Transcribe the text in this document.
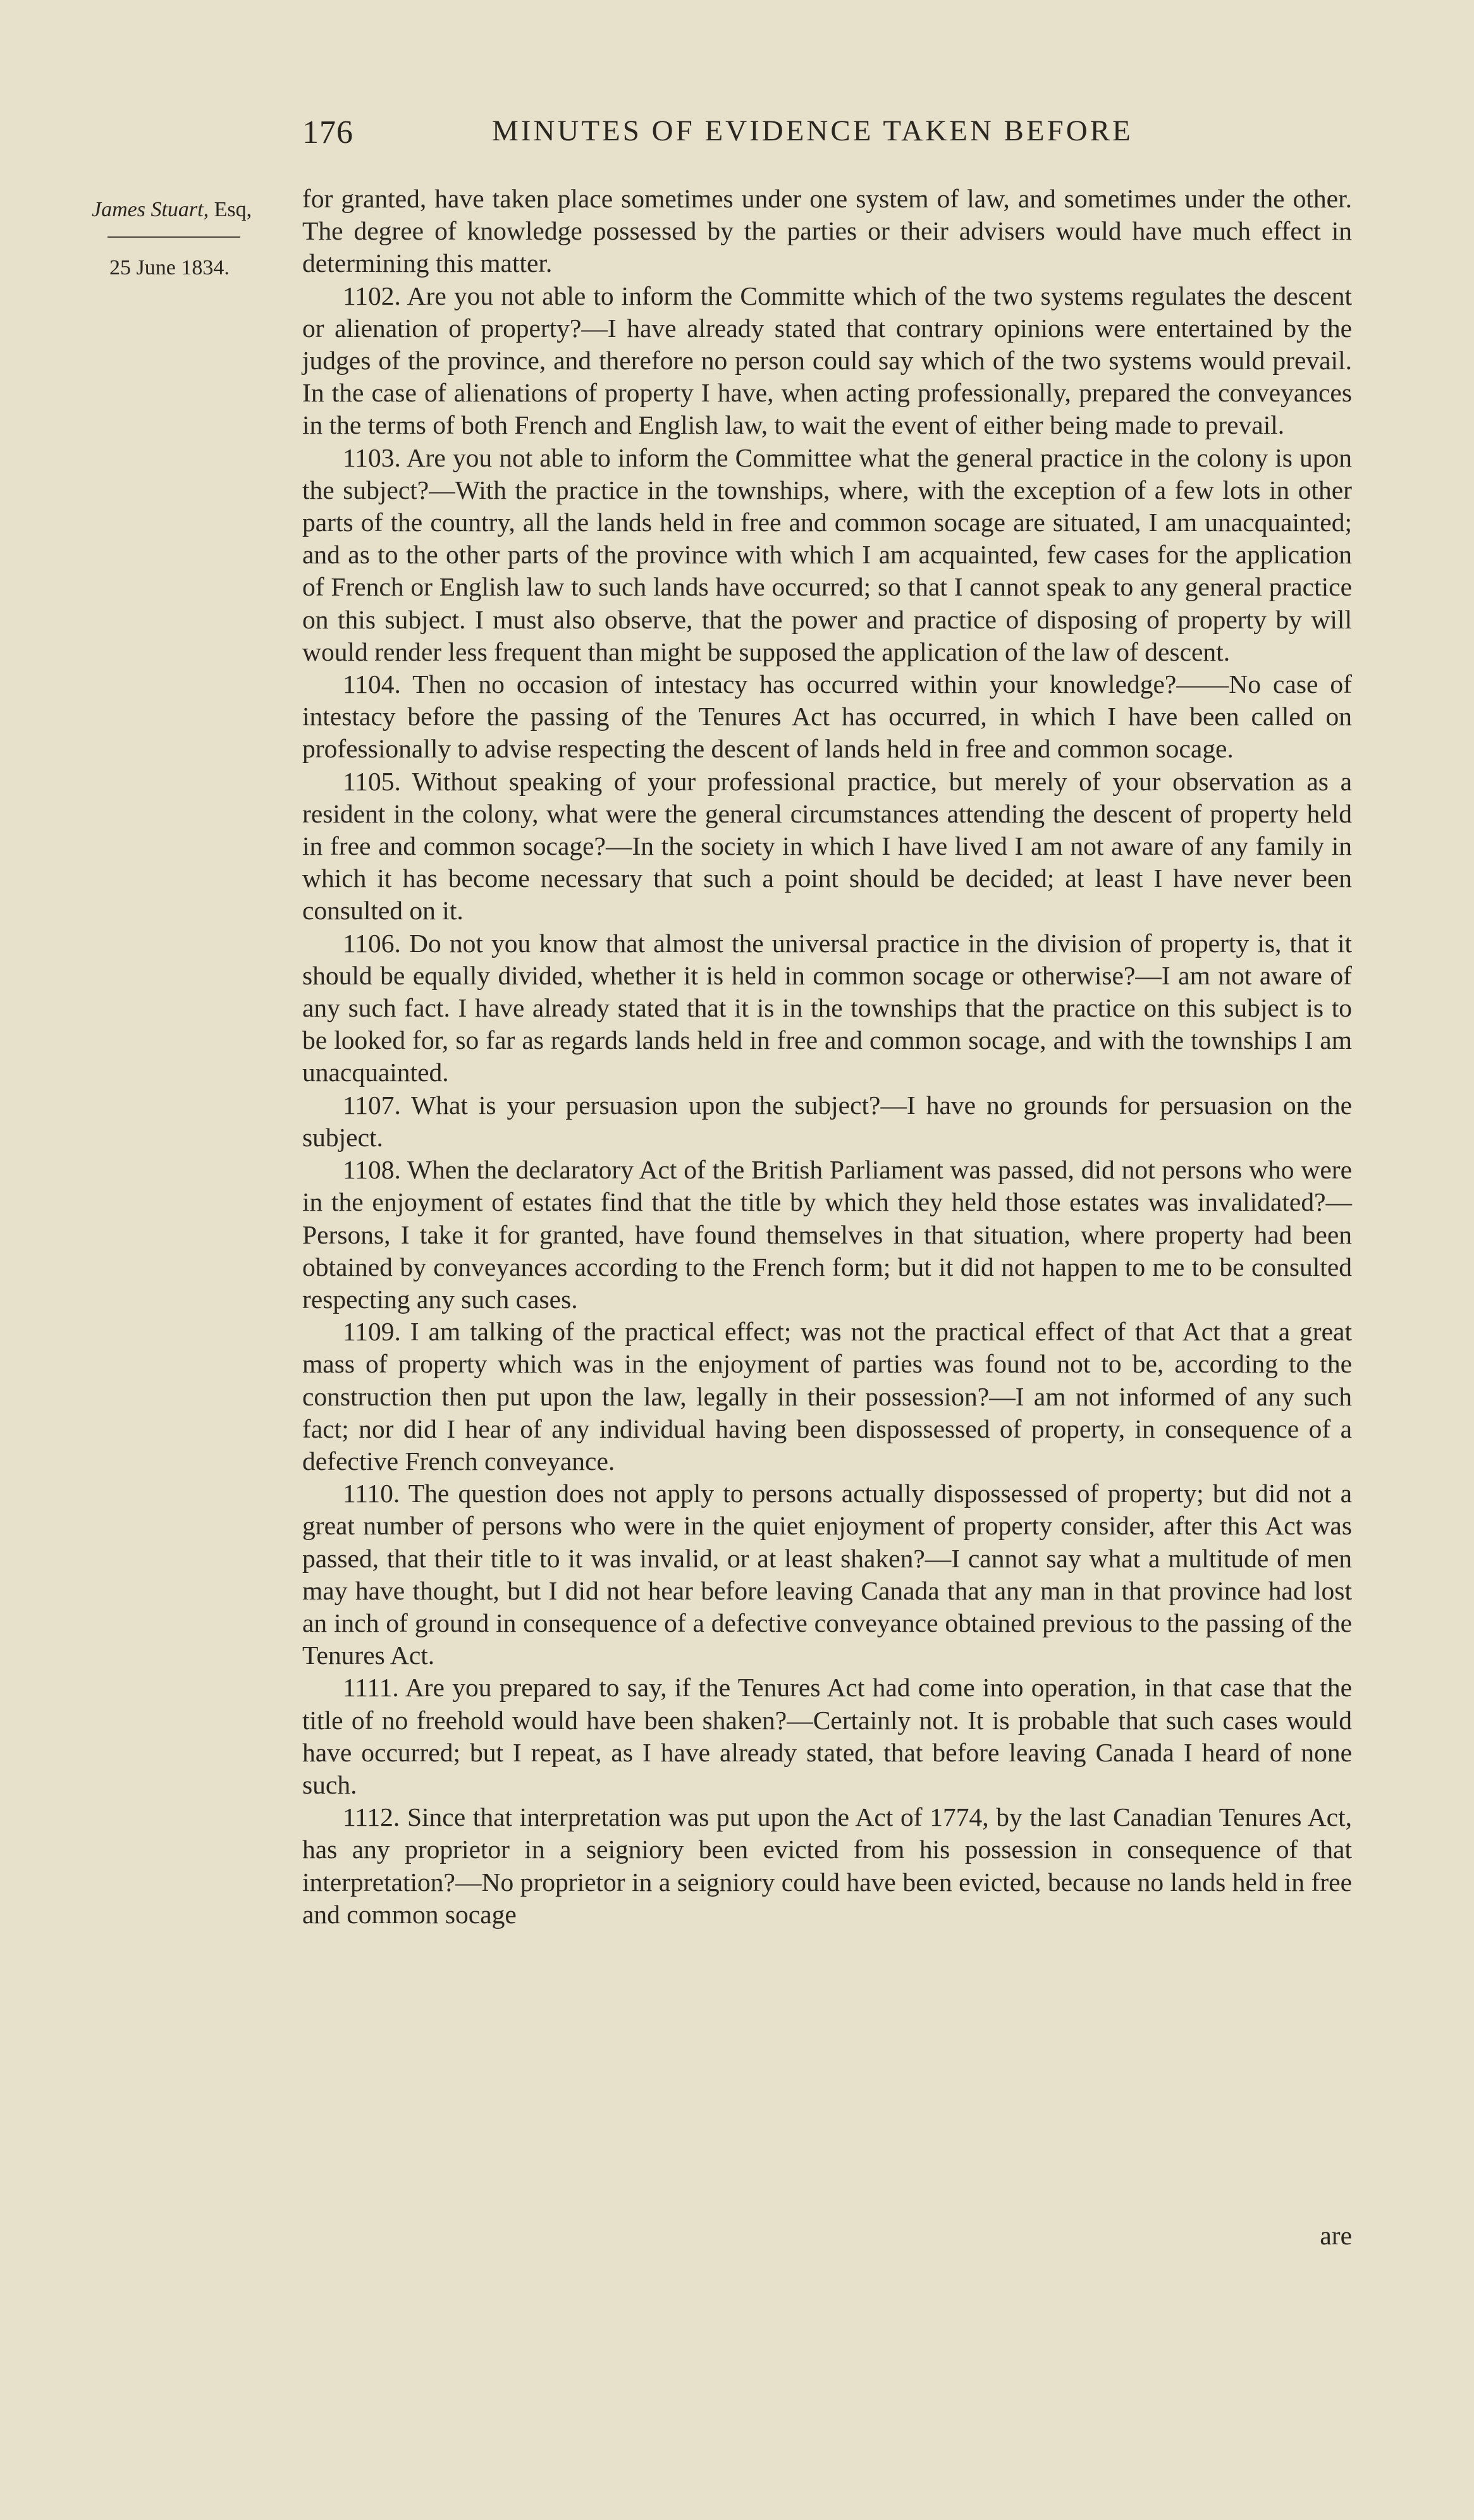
176	MINUTES OF EVIDENCE TAKEN BEFORE
James Stuart, Esq,
25 June 1834.

for granted, have taken place sometimes under one system of law, and sometimes under the other. The degree of knowledge possessed by the parties or their advisers would have much effect in determining this matter.

1102. Are you not able to inform the Committe which of the two systems regulates the descent or alienation of property?—I have already stated that contrary opinions were entertained by the judges of the province, and therefore no person could say which of the two systems would prevail. In the case of alienations of property I have, when acting professionally, prepared the conveyances in the terms of both French and English law, to wait the event of either being made to prevail.

1103. Are you not able to inform the Committee what the general practice in the colony is upon the subject?—With the practice in the townships, where, with the exception of a few lots in other parts of the country, all the lands held in free and common socage are situated, I am unacquainted; and as to the other parts of the province with which I am acquainted, few cases for the application of French or English law to such lands have occurred; so that I cannot speak to any general practice on this subject. I must also observe, that the power and practice of disposing of property by will would render less frequent than might be supposed the application of the law of descent.

1104. Then no occasion of intestacy has occurred within your knowledge?——No case of intestacy before the passing of the Tenures Act has occurred, in which I have been called on professionally to advise respecting the descent of lands held in free and common socage.

1105. Without speaking of your professional practice, but merely of your observation as a resident in the colony, what were the general circumstances attending the descent of property held in free and common socage?—In the society in which I have lived I am not aware of any family in which it has become necessary that such a point should be decided; at least I have never been consulted on it.

1106. Do not you know that almost the universal practice in the division of property is, that it should be equally divided, whether it is held in common socage or otherwise?—I am not aware of any such fact. I have already stated that it is in the townships that the practice on this subject is to be looked for, so far as regards lands held in free and common socage, and with the townships I am unacquainted.

1107. What is your persuasion upon the subject?—I have no grounds for persuasion on the subject.

1108. When the declaratory Act of the British Parliament was passed, did not persons who were in the enjoyment of estates find that the title by which they held those estates was invalidated?—Persons, I take it for granted, have found themselves in that situation, where property had been obtained by conveyances according to the French form; but it did not happen to me to be consulted respecting any such cases.

1109. I am talking of the practical effect; was not the practical effect of that Act that a great mass of property which was in the enjoyment of parties was found not to be, according to the construction then put upon the law, legally in their possession?—I am not informed of any such fact; nor did I hear of any individual having been dispossessed of property, in consequence of a defective French conveyance.

1110. The question does not apply to persons actually dispossessed of property; but did not a great number of persons who were in the quiet enjoyment of property consider, after this Act was passed, that their title to it was invalid, or at least shaken?—I cannot say what a multitude of men may have thought, but I did not hear before leaving Canada that any man in that province had lost an inch of ground in consequence of a defective conveyance obtained previous to the passing of the Tenures Act.

1111. Are you prepared to say, if the Tenures Act had come into operation, in that case that the title of no freehold would have been shaken?—Certainly not. It is probable that such cases would have occurred; but I repeat, as I have already stated, that before leaving Canada I heard of none such.

1112. Since that interpretation was put upon the Act of 1774, by the last Canadian Tenures Act, has any proprietor in a seigniory been evicted from his possession in consequence of that interpretation?—No proprietor in a seigniory could have been evicted, because no lands held in free and common socage

are
